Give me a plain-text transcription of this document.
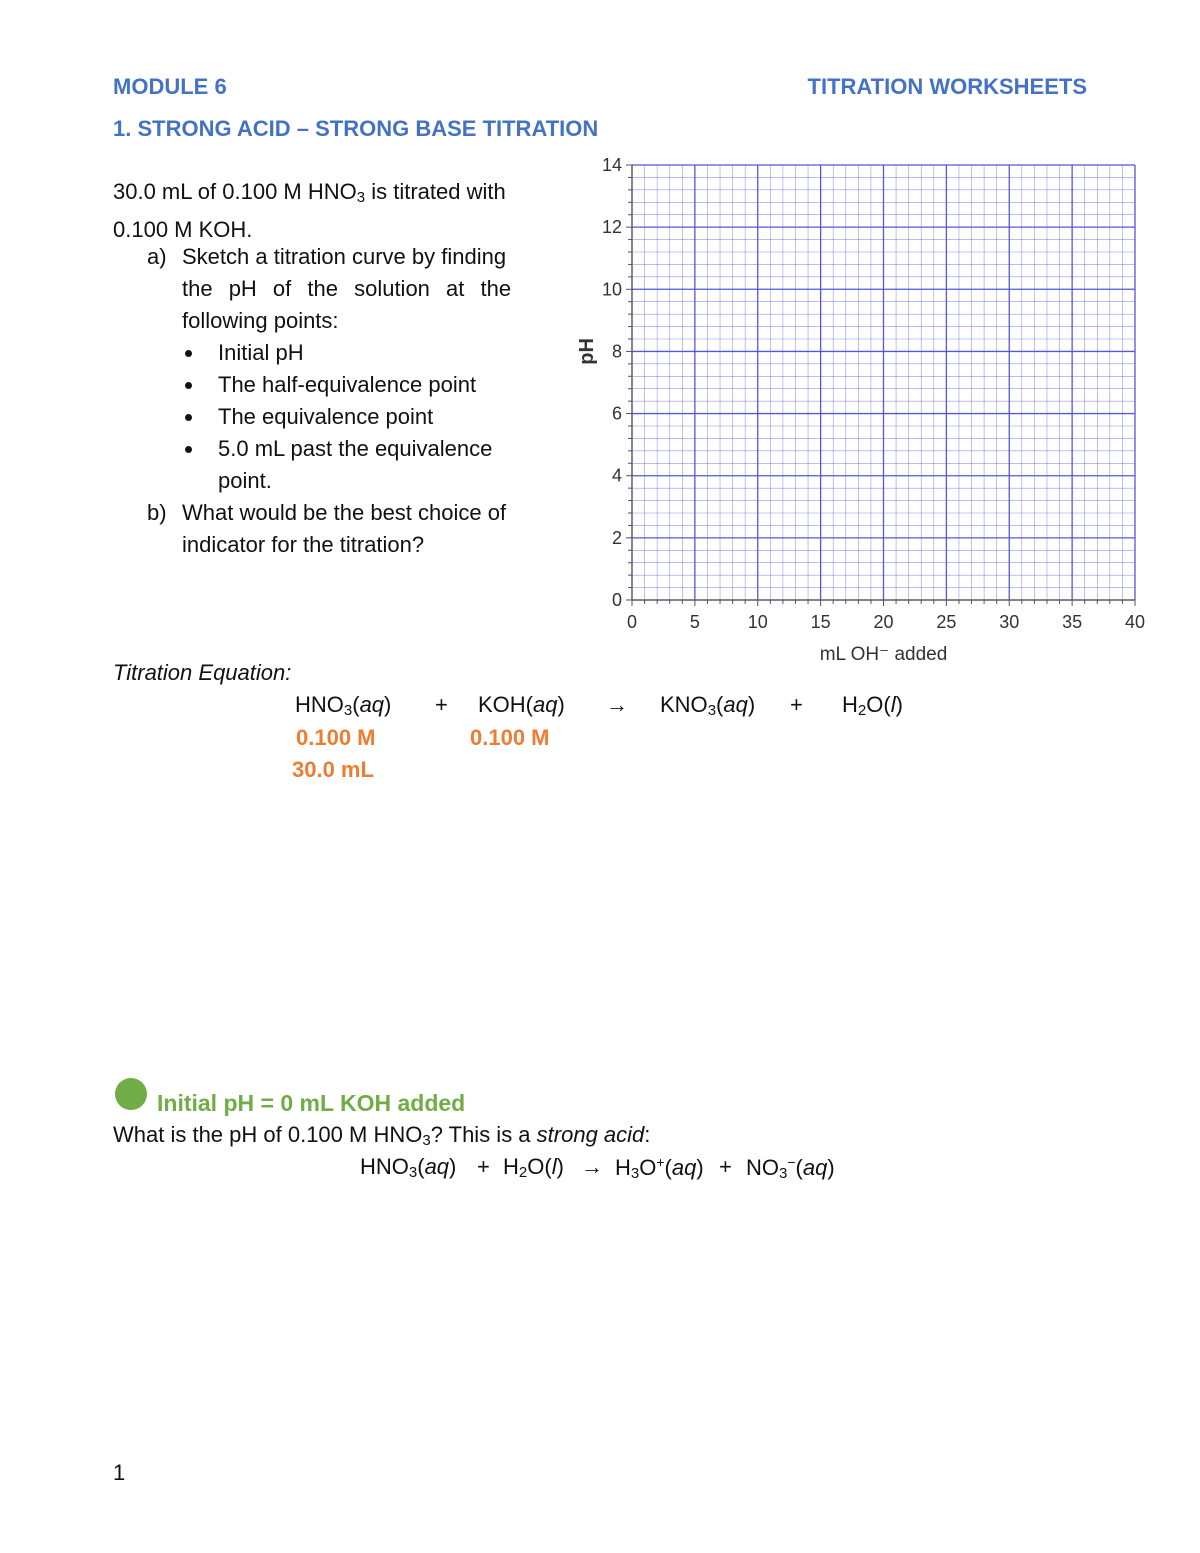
MODULE 6	TITRATION WORKSHEETS
1. STRONG ACID – STRONG BASE TITRATION
30.0 mL of 0.100 M $HNO_3$ is titrated with
0.100 M KOH.
a) Sketch a titration curve by finding
the pH of the solution at the
following points:
Initial pH
The half-equivalence point
The equivalence point
5.0 mL past the equivalence
point.
b) What would be the best choice of
indicator for the titration?
0	5	10 15 20 25 30 35 40
0
2
4
6
8
10
12
14
mL OH⁻ added
pH
Titration Equation:
$HNO_3(aq) + KOH(aq) \to KNO_3(aq) + H_2O(l)$
0.100 M	0.100 M
30.0 mL
Initial pH = 0 mL KOH added
What is the pH of 0.100 M $HNO_3$? This is a strong acid:
$HNO_3(aq) + H_2O(l) \to H_3O^+(aq) + NO_3^-(aq)$
1
